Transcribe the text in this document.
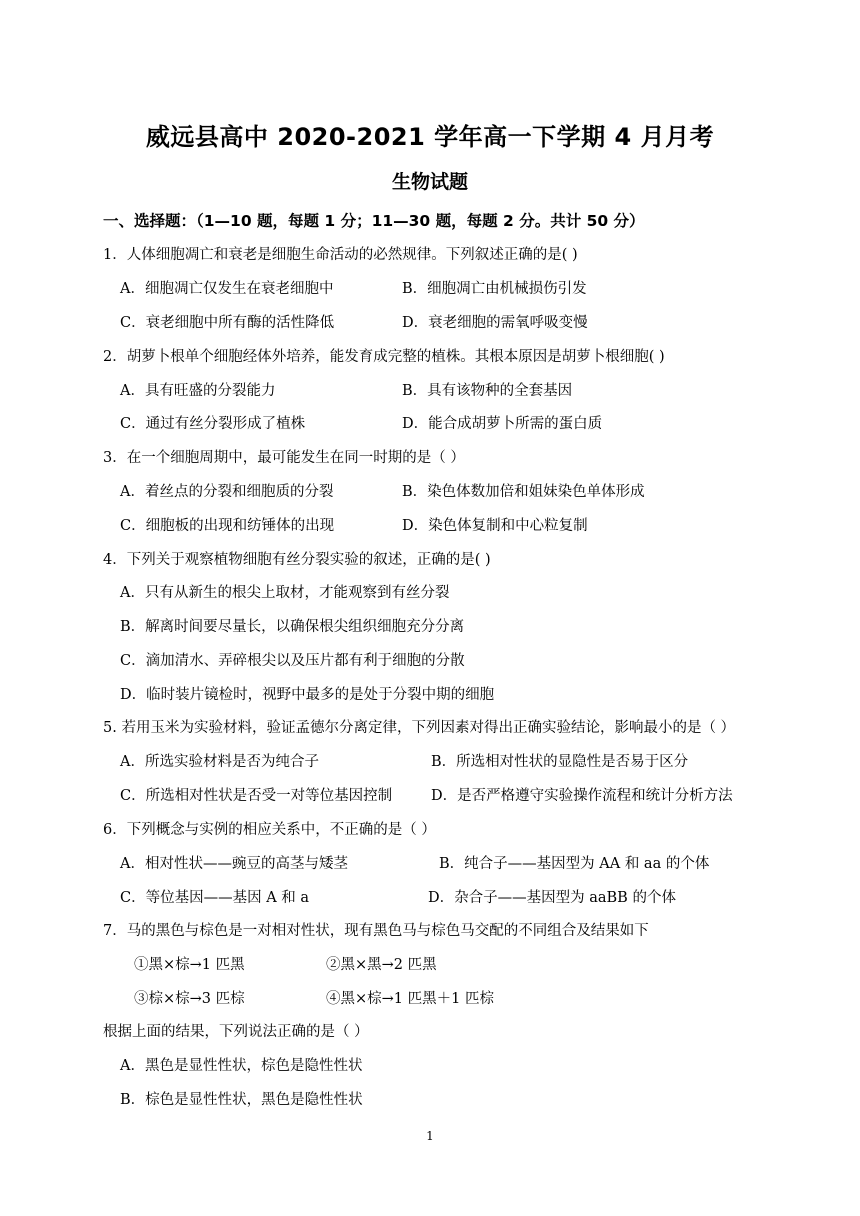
威远县高中 2020-2021 学年高一下学期 4 月月考
生物试题
一、选择题：（1—10 题，每题 1 分；11—30 题，每题 2 分。共计 50 分）
1．人体细胞凋亡和衰老是细胞生命活动的必然规律。下列叙述正确的是( )
A．细胞凋亡仅发生在衰老细胞中	B．细胞凋亡由机械损伤引发
C．衰老细胞中所有酶的活性降低	D．衰老细胞的需氧呼吸变慢
2．胡萝卜根单个细胞经体外培养，能发育成完整的植株。其根本原因是胡萝卜根细胞( )
A．具有旺盛的分裂能力	B．具有该物种的全套基因
C．通过有丝分裂形成了植株	D．能合成胡萝卜所需的蛋白质
3．在一个细胞周期中，最可能发生在同一时期的是（ ）
A．着丝点的分裂和细胞质的分裂	B．染色体数加倍和姐妹染色单体形成
C．细胞板的出现和纺锤体的出现	D．染色体复制和中心粒复制
4．下列关于观察植物细胞有丝分裂实验的叙述，正确的是( )
A．只有从新生的根尖上取材，才能观察到有丝分裂
B．解离时间要尽量长，以确保根尖组织细胞充分分离
C．滴加清水、弄碎根尖以及压片都有利于细胞的分散
D．临时装片镜检时，视野中最多的是处于分裂中期的细胞
5. 若用玉米为实验材料，验证孟德尔分离定律，下列因素对得出正确实验结论，影响最小的是（ ）
A．所选实验材料是否为纯合子	B．所选相对性状的显隐性是否易于区分
C．所选相对性状是否受一对等位基因控制	D．是否严格遵守实验操作流程和统计分析方法
6．下列概念与实例的相应关系中，不正确的是（ ）
A．相对性状——豌豆的高茎与矮茎	B．纯合子——基因型为 AA 和 aa 的个体
C．等位基因——基因 A 和 a	D．杂合子——基因型为 aaBB 的个体
7．马的黑色与棕色是一对相对性状，现有黑色马与棕色马交配的不同组合及结果如下
①黑×棕→1 匹黑	②黑×黑→2 匹黑
③棕×棕→3 匹棕	④黑×棕→1 匹黑＋1 匹棕
根据上面的结果，下列说法正确的是（ ）
A．黑色是显性性状，棕色是隐性性状
B．棕色是显性性状，黑色是隐性性状
1
